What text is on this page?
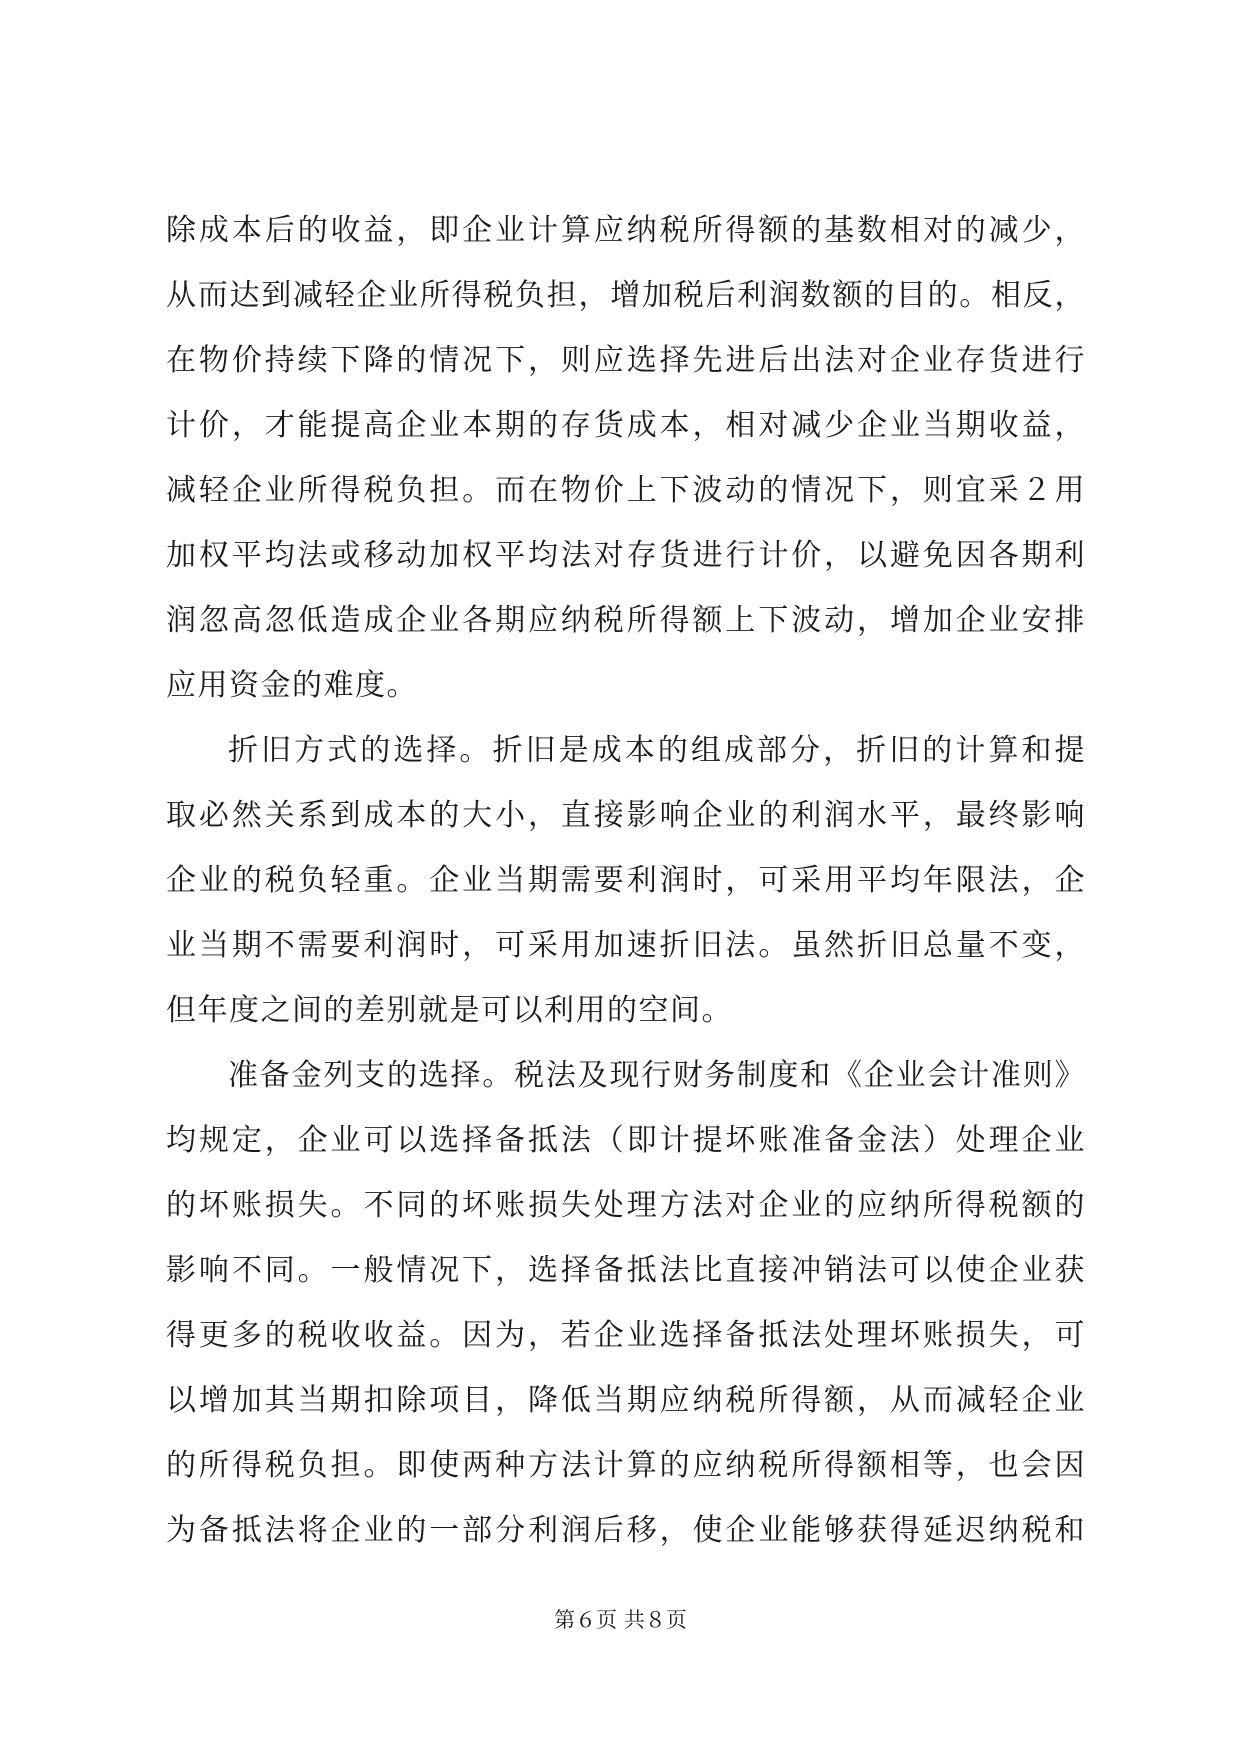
除成本后的收益，即企业计算应纳税所得额的基数相对的减少，
从而达到减轻企业所得税负担，增加税后利润数额的目的。相反，
在物价持续下降的情况下，则应选择先进后出法对企业存货进行
计价，才能提高企业本期的存货成本，相对减少企业当期收益，
减轻企业所得税负担。而在物价上下波动的情况下，则宜采２用
加权平均法或移动加权平均法对存货进行计价，以避免因各期利
润忽高忽低造成企业各期应纳税所得额上下波动，增加企业安排
应用资金的难度。
折旧方式的选择。折旧是成本的组成部分，折旧的计算和提
取必然关系到成本的大小，直接影响企业的利润水平，最终影响
企业的税负轻重。企业当期需要利润时，可采用平均年限法，企
业当期不需要利润时，可采用加速折旧法。虽然折旧总量不变，
但年度之间的差别就是可以利用的空间。
准备金列支的选择。税法及现行财务制度和《企业会计准则》
均规定，企业可以选择备抵法（即计提坏账准备金法）处理企业
的坏账损失。不同的坏账损失处理方法对企业的应纳所得税额的
影响不同。一般情况下，选择备抵法比直接冲销法可以使企业获
得更多的税收收益。因为，若企业选择备抵法处理坏账损失，可
以增加其当期扣除项目，降低当期应纳税所得额，从而减轻企业
的所得税负担。即使两种方法计算的应纳税所得额相等，也会因
为备抵法将企业的一部分利润后移，使企业能够获得延迟纳税和
第６页 共８页
